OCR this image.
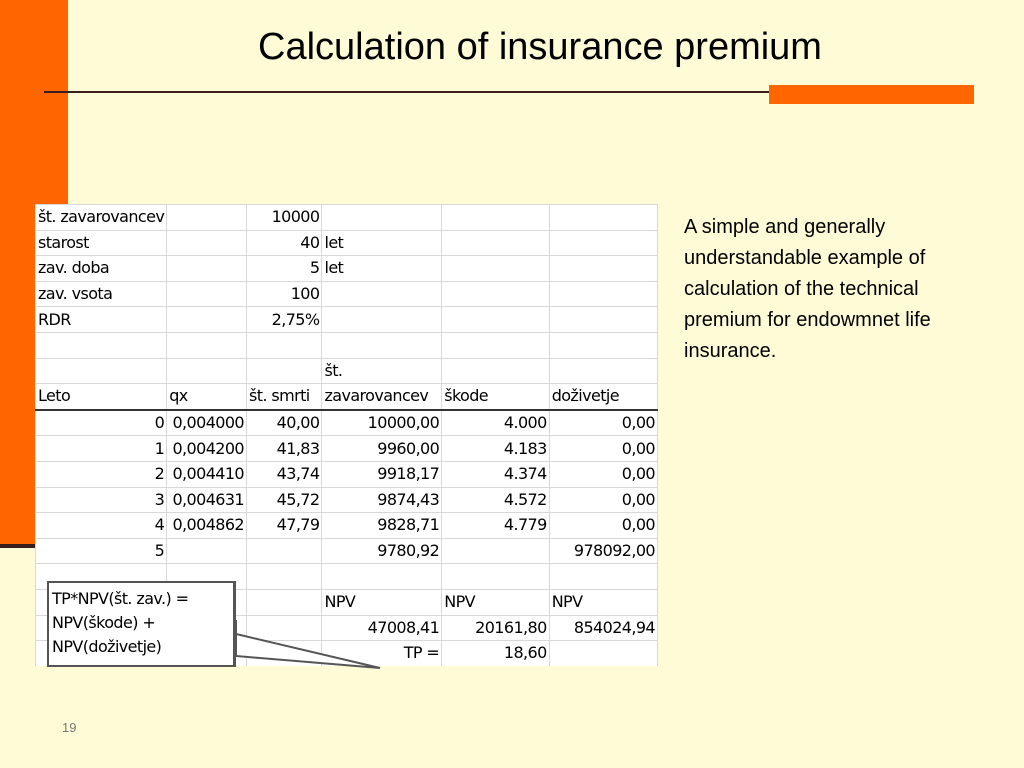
Calculation of insurance premium
št. zavarovancev		10000			
starost		40	let		
zav. doba		5	let		
zav. vsota		100			
RDR		2,75%			

			št.		
Leto	qx	št. smrti	zavarovancev	škode	doživetje
0	0,004000	40,00	10000,00	4.000	0,00
1	0,004200	41,83	9960,00	4.183	0,00
2	0,004410	43,74	9918,17	4.374	0,00
3	0,004631	45,72	9874,43	4.572	0,00
4	0,004862	47,79	9828,71	4.779	0,00
5			9780,92		978092,00

			NPV	NPV	NPV
			47008,41	20161,80	854024,94
			TP =	18,60	
TP*NPV(št. zav.) =
NPV(škode) +
NPV(doživetje)
A simple and generally understandable example of calculation of the technical premium for endowmnet life insurance.
19
